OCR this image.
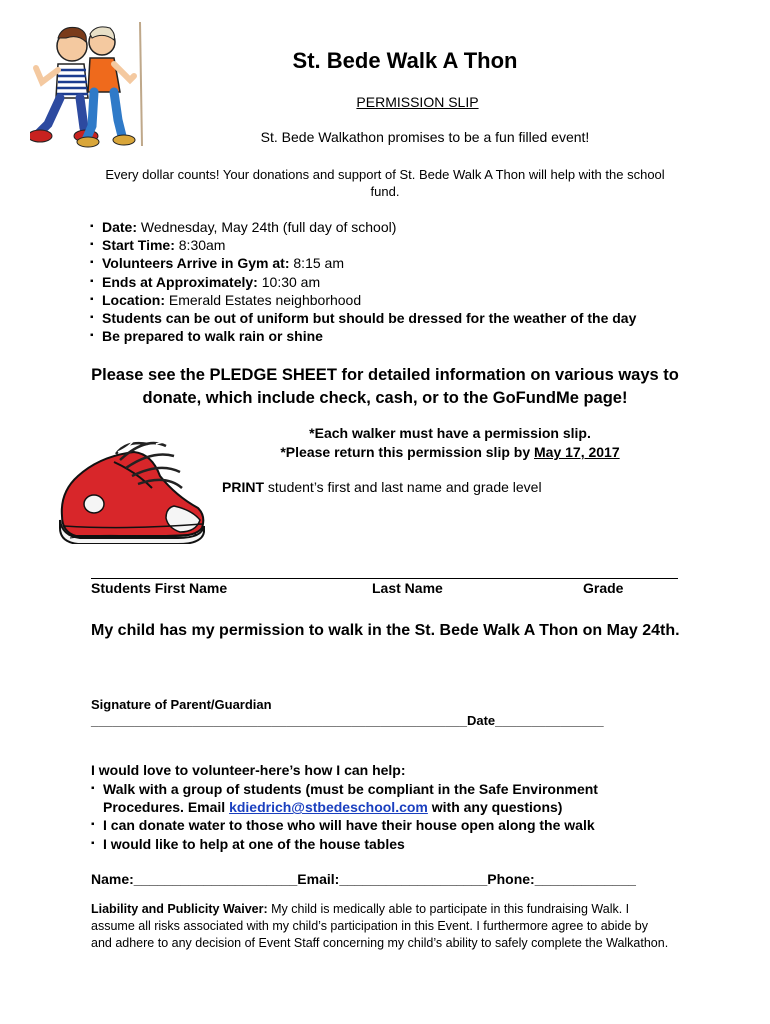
St. Bede Walk A Thon
PERMISSION SLIP
St. Bede Walkathon promises to be a fun filled event!
Every dollar counts! Your donations and support of St. Bede Walk A Thon will help with the school fund.
▪ Date: Wednesday, May 24th (full day of school)
▪ Start Time: 8:30am
▪ Volunteers Arrive in Gym at: 8:15 am
▪ Ends at Approximately: 10:30 am
▪ Location: Emerald Estates neighborhood
▪ Students can be out of uniform but should be dressed for the weather of the day
▪ Be prepared to walk rain or shine
Please see the PLEDGE SHEET for detailed information on various ways to donate, which include check, cash, or to the GoFundMe page!
*Each walker must have a permission slip.
*Please return this permission slip by May 17, 2017
PRINT student’s first and last name and grade level
Students First Name	Last Name	Grade
My child has my permission to walk in the St. Bede Walk A Thon on May 24th.
Signature of Parent/Guardian
____________________________________________________Date_______________
I would love to volunteer-here’s how I can help:
▪ Walk with a group of students (must be compliant in the Safe Environment
Procedures. Email kdiedrich@stbedeschool.com with any questions)
▪ I can donate water to those who will have their house open along the walk
▪ I would like to help at one of the house tables
Name:_____________________Email:___________________Phone:_____________
Liability and Publicity Waiver: My child is medically able to participate in this fundraising Walk. I assume all risks associated with my child’s participation in this Event. I furthermore agree to abide by and adhere to any decision of Event Staff concerning my child’s ability to safely complete the Walkathon.
